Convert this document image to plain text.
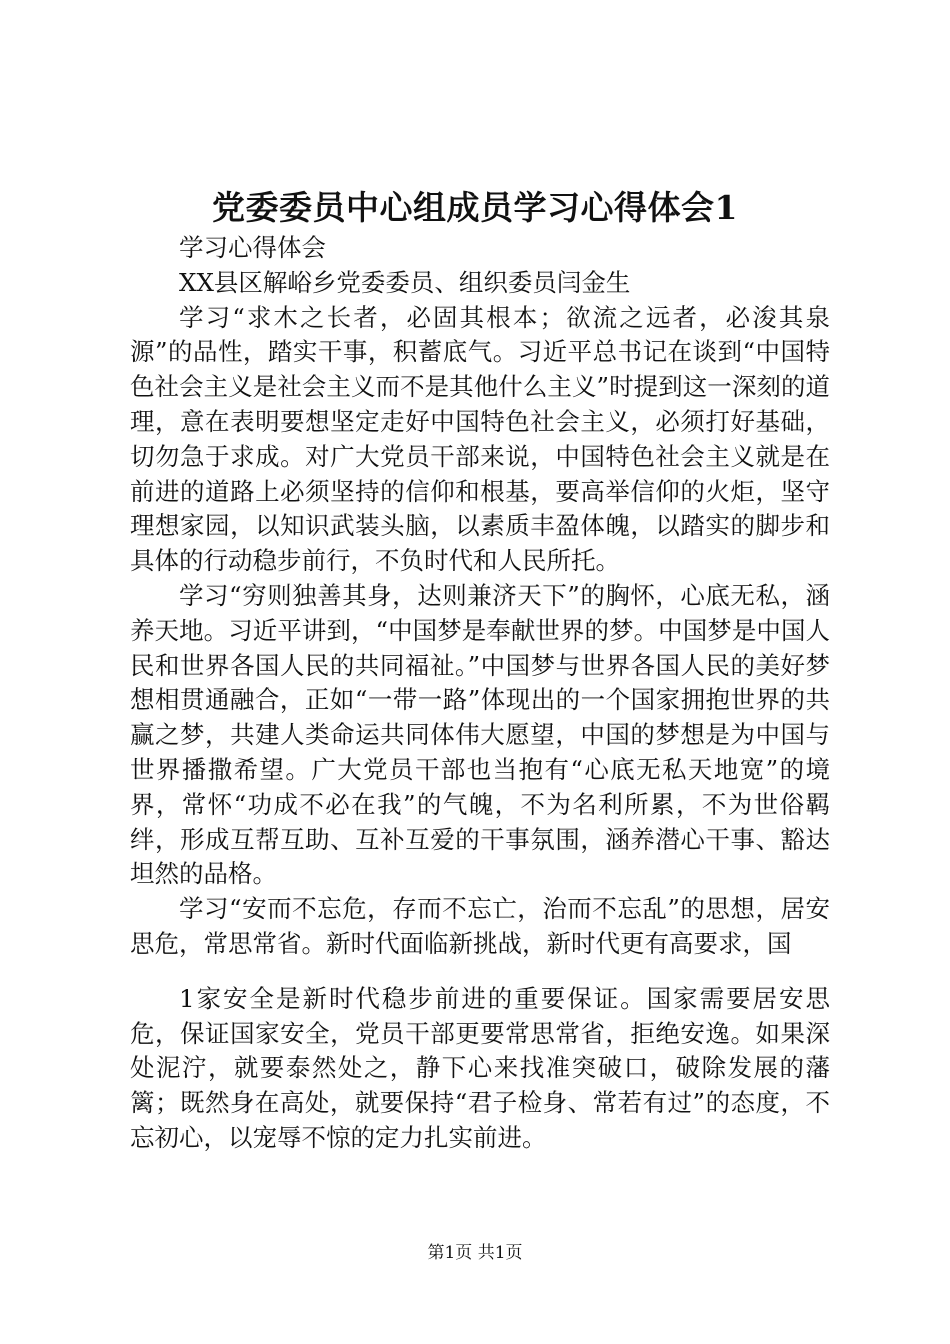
党委委员中心组成员学习心得体会1

学习心得体会

XX县区解峪乡党委委员、组织委员闫金生

学习“求木之长者，必固其根本；欲流之远者，必浚其泉源”的品性，踏实干事，积蓄底气。习近平总书记在谈到“中国特色社会主义是社会主义而不是其他什么主义”时提到这一深刻的道理，意在表明要想坚定走好中国特色社会主义，必须打好基础，切勿急于求成。对广大党员干部来说，中国特色社会主义就是在前进的道路上必须坚持的信仰和根基，要高举信仰的火炬，坚守理想家园，以知识武装头脑，以素质丰盈体魄，以踏实的脚步和具体的行动稳步前行，不负时代和人民所托。

学习“穷则独善其身，达则兼济天下”的胸怀，心底无私，涵养天地。习近平讲到，“中国梦是奉献世界的梦。中国梦是中国人民和世界各国人民的共同福祉。”中国梦与世界各国人民的美好梦想相贯通融合，正如“一带一路”体现出的一个国家拥抱世界的共赢之梦，共建人类命运共同体伟大愿望，中国的梦想是为中国与世界播撒希望。广大党员干部也当抱有“心底无私天地宽”的境界，常怀“功成不必在我”的气魄，不为名利所累，不为世俗羁绊，形成互帮互助、互补互爱的干事氛围，涵养潜心干事、豁达坦然的品格。

学习“安而不忘危，存而不忘亡，治而不忘乱”的思想，居安思危，常思常省。新时代面临新挑战，新时代更有高要求，国

1家安全是新时代稳步前进的重要保证。国家需要居安思危，保证国家安全，党员干部更要常思常省，拒绝安逸。如果深处泥泞，就要泰然处之，静下心来找准突破口，破除发展的藩篱；既然身在高处，就要保持“君子检身、常若有过”的态度，不忘初心，以宠辱不惊的定力扎实前进。

第1页 共1页
